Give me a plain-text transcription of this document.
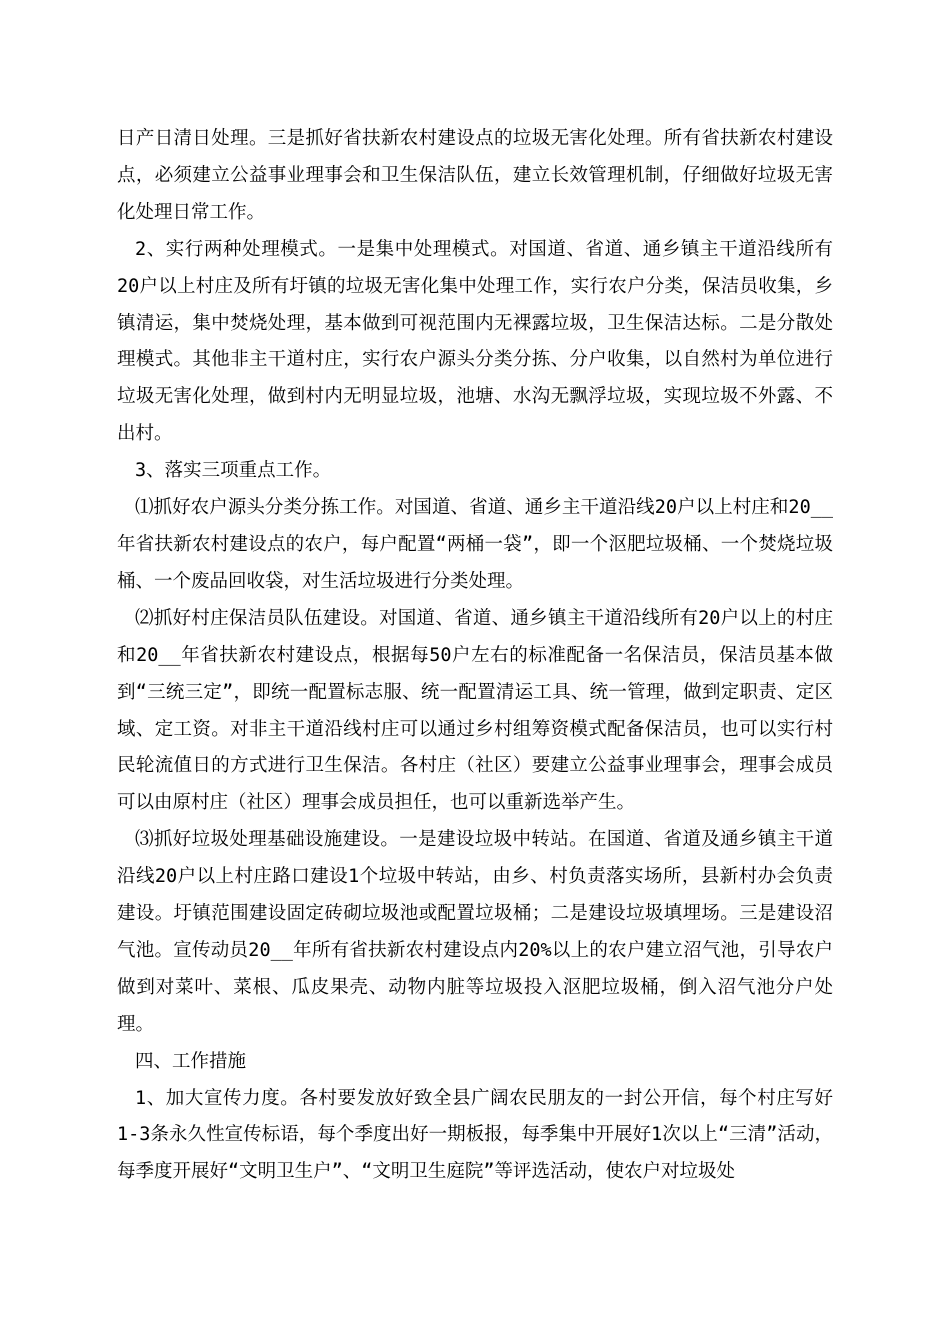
日产日清日处理。三是抓好省扶新农村建设点的垃圾无害化处理。所有省扶新农村建设点，必须建立公益事业理事会和卫生保洁队伍，建立长效管理机制，仔细做好垃圾无害化处理日常工作。

2、实行两种处理模式。一是集中处理模式。对国道、省道、通乡镇主干道沿线所有20户以上村庄及所有圩镇的垃圾无害化集中处理工作，实行农户分类，保洁员收集，乡镇清运，集中焚烧处理，基本做到可视范围内无裸露垃圾，卫生保洁达标。二是分散处理模式。其他非主干道村庄，实行农户源头分类分拣、分户收集，以自然村为单位进行垃圾无害化处理，做到村内无明显垃圾，池塘、水沟无飘浮垃圾，实现垃圾不外露、不出村。

3、落实三项重点工作。

⑴抓好农户源头分类分拣工作。对国道、省道、通乡主干道沿线20户以上村庄和20__年省扶新农村建设点的农户，每户配置“两桶一袋”，即一个沤肥垃圾桶、一个焚烧垃圾桶、一个废品回收袋，对生活垃圾进行分类处理。

⑵抓好村庄保洁员队伍建设。对国道、省道、通乡镇主干道沿线所有20户以上的村庄和20__年省扶新农村建设点，根据每50户左右的标准配备一名保洁员，保洁员基本做到“三统三定”，即统一配置标志服、统一配置清运工具、统一管理，做到定职责、定区域、定工资。对非主干道沿线村庄可以通过乡村组筹资模式配备保洁员，也可以实行村民轮流值日的方式进行卫生保洁。各村庄（社区）要建立公益事业理事会，理事会成员可以由原村庄（社区）理事会成员担任，也可以重新选举产生。

⑶抓好垃圾处理基础设施建设。一是建设垃圾中转站。在国道、省道及通乡镇主干道沿线20户以上村庄路口建设1个垃圾中转站，由乡、村负责落实场所，县新村办会负责建设。圩镇范围建设固定砖砌垃圾池或配置垃圾桶；二是建设垃圾填埋场。三是建设沼气池。宣传动员20__年所有省扶新农村建设点内20%以上的农户建立沼气池，引导农户做到对菜叶、菜根、瓜皮果壳、动物内脏等垃圾投入沤肥垃圾桶，倒入沼气池分户处理。

四、工作措施

1、加大宣传力度。各村要发放好致全县广阔农民朋友的一封公开信，每个村庄写好1-3条永久性宣传标语，每个季度出好一期板报，每季集中开展好1次以上“三清”活动，每季度开展好“文明卫生户”、“文明卫生庭院”等评选活动，使农户对垃圾处
